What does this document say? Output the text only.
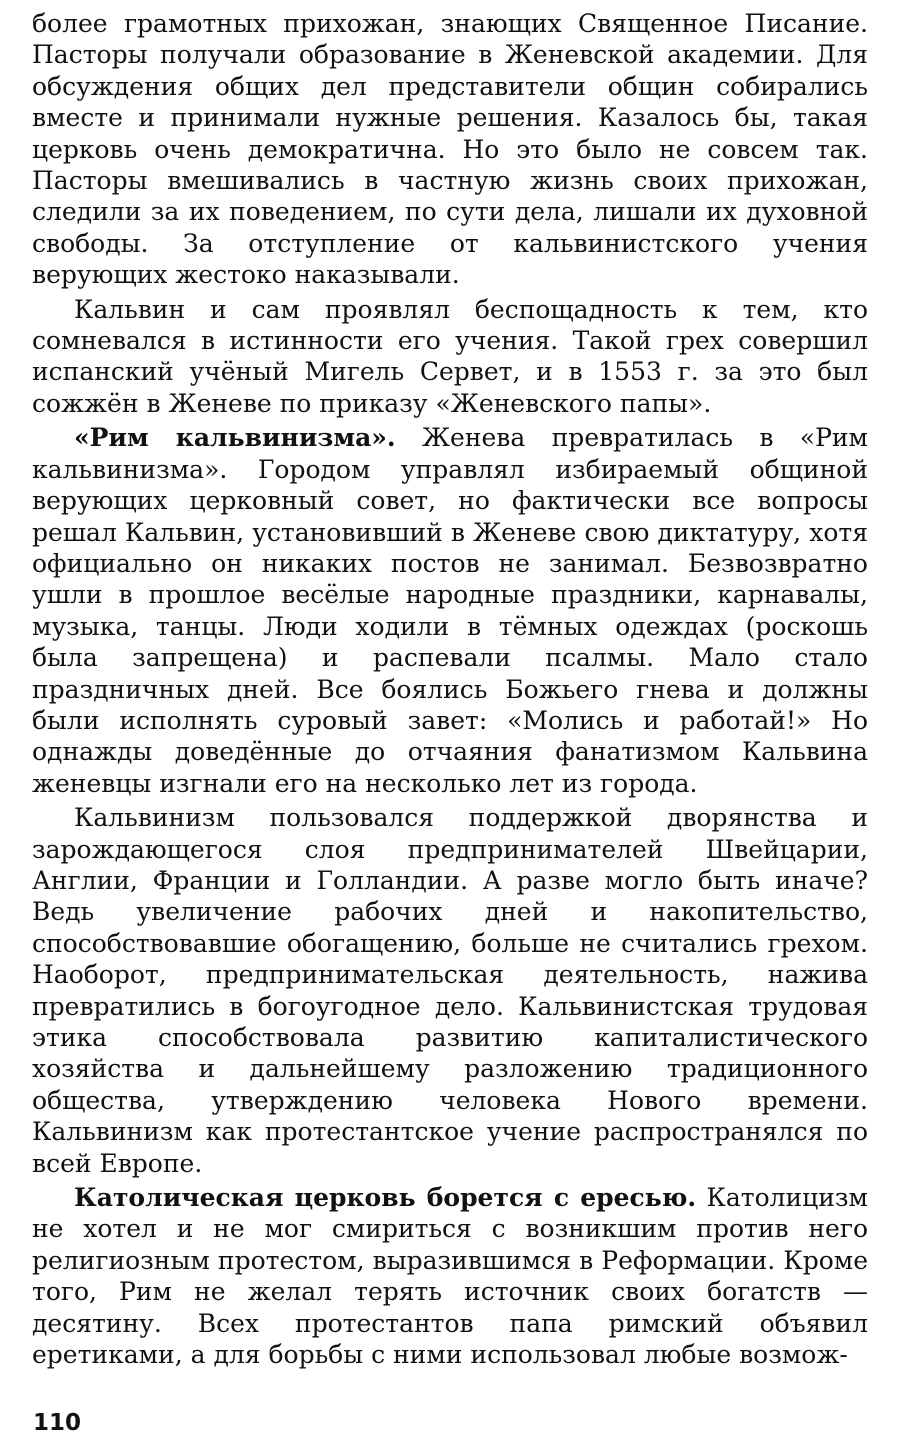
более грамотных прихожан, знающих Священное Писание. Пасторы получали образование в Женевской академии. Для обсуждения общих дел представители общин собирались вместе и принимали нужные решения. Казалось бы, такая церковь очень демократична. Но это было не совсем так. Пасторы вмешивались в частную жизнь своих прихожан, следили за их поведением, по сути дела, лишали их духовной свободы. За отступление от кальвинистского учения верующих жестоко наказывали.

Кальвин и сам проявлял беспощадность к тем, кто сомневался в истинности его учения. Такой грех совершил испанский учёный Мигель Сервет, и в 1553 г. за это был сожжён в Женеве по приказу «Женевского папы».

«Рим кальвинизма». Женева превратилась в «Рим кальвинизма». Городом управлял избираемый общиной верующих церковный совет, но фактически все вопросы решал Кальвин, установивший в Женеве свою диктатуру, хотя официально он никаких постов не занимал. Безвозвратно ушли в прошлое весёлые народные праздники, карнавалы, музыка, танцы. Люди ходили в тёмных одеждах (роскошь была запрещена) и распевали псалмы. Мало стало праздничных дней. Все боялись Божьего гнева и должны были исполнять суровый завет: «Молись и работай!» Но однажды доведённые до отчаяния фанатизмом Кальвина женевцы изгнали его на несколько лет из города.

Кальвинизм пользовался поддержкой дворянства и зарождающегося слоя предпринимателей Швейцарии, Англии, Франции и Голландии. А разве могло быть иначе? Ведь увеличение рабочих дней и накопительство, способствовавшие обогащению, больше не считались грехом. Наоборот, предпринимательская деятельность, нажива превратились в богоугодное дело. Кальвинистская трудовая этика способствовала развитию капиталистического хозяйства и дальнейшему разложению традиционного общества, утверждению человека Нового времени. Кальвинизм как протестантское учение распространялся по всей Европе.

Католическая церковь борется с ересью. Католицизм не хотел и не мог смириться с возникшим против него религиозным протестом, выразившимся в Реформации. Кроме того, Рим не желал терять источник своих богатств — десятину. Всех протестантов папа римский объявил еретиками, а для борьбы с ними использовал любые возмож-

110
